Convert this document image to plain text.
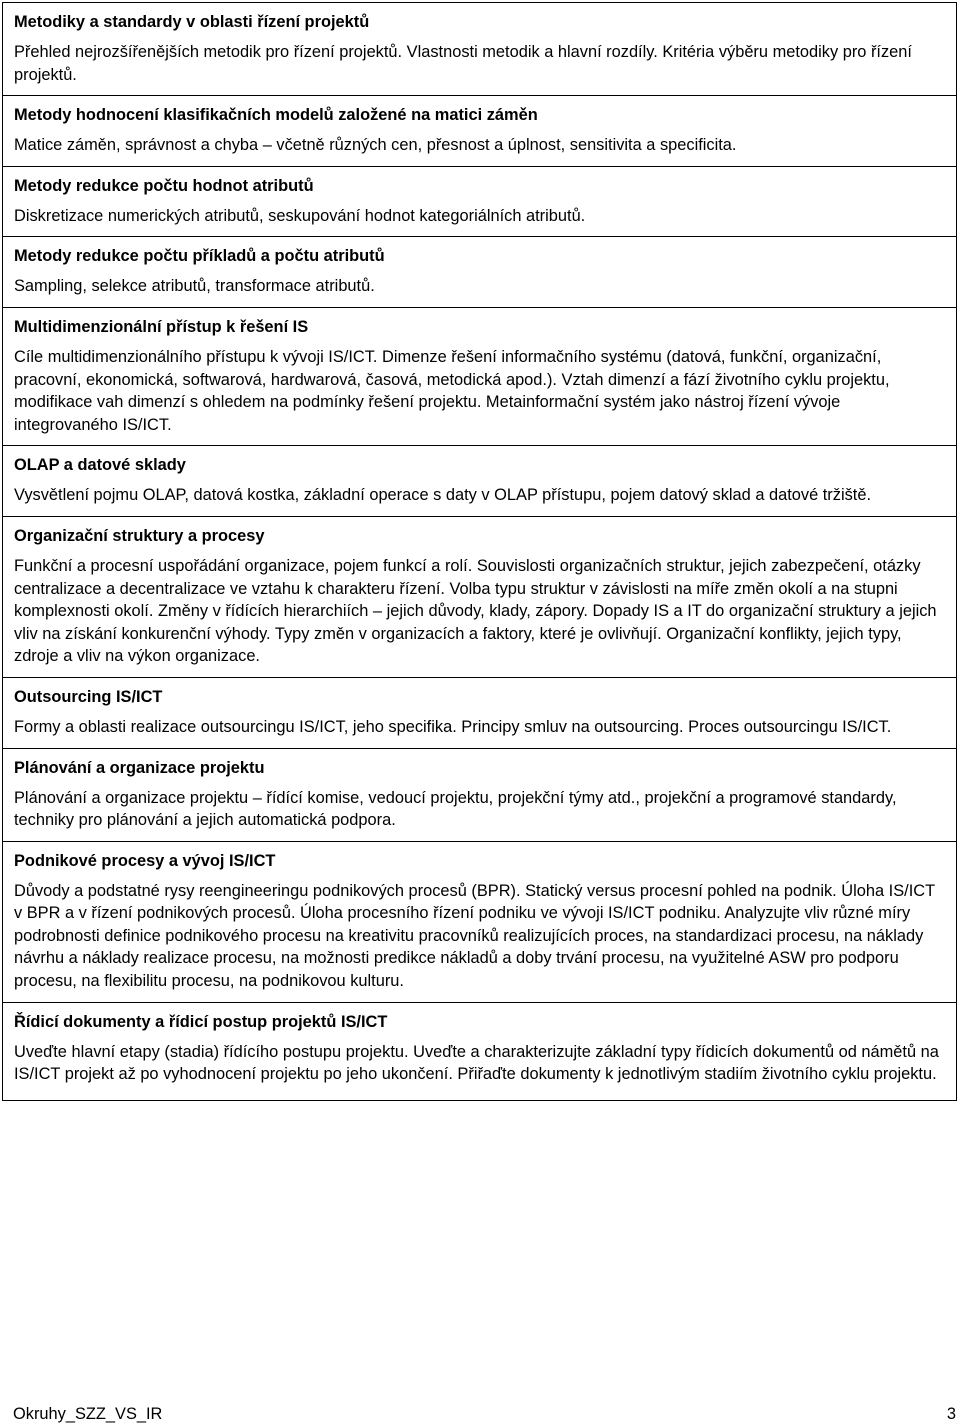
Metodiky a standardy v oblasti řízení projektů
Přehled nejrozšířenějších metodik pro řízení projektů. Vlastnosti metodik a hlavní rozdíly. Kritéria výběru metodiky pro řízení projektů.
Metody hodnocení klasifikačních modelů založené na matici záměn
Matice záměn, správnost a chyba – včetně různých cen, přesnost a úplnost, sensitivita a specificita.
Metody redukce počtu hodnot atributů
Diskretizace numerických atributů, seskupování hodnot kategoriálních atributů.
Metody redukce počtu příkladů a počtu atributů
Sampling, selekce atributů, transformace atributů.
Multidimenzionální přístup k řešení IS
Cíle multidimenzionálního přístupu k vývoji IS/ICT. Dimenze řešení informačního systému (datová, funkční, organizační, pracovní, ekonomická, softwarová, hardwarová, časová, metodická apod.). Vztah dimenzí a fází životního cyklu projektu, modifikace vah dimenzí s ohledem na podmínky řešení projektu. Metainformační systém jako nástroj řízení vývoje integrovaného IS/ICT.
OLAP a datové sklady
Vysvětlení pojmu OLAP, datová kostka, základní operace s daty v OLAP přístupu, pojem datový sklad a datové tržiště.
Organizační struktury a procesy
Funkční a procesní uspořádání organizace, pojem funkcí a rolí. Souvislosti organizačních struktur, jejich zabezpečení, otázky centralizace a decentralizace ve vztahu k charakteru řízení. Volba typu struktur v závislosti na míře změn okolí a na stupni komplexnosti okolí. Změny v řídících hierarchiích – jejich důvody, klady, zápory. Dopady IS a IT do organizační struktury a jejich vliv na získání konkurenční výhody. Typy změn v organizacích a faktory, které je ovlivňují. Organizační konflikty, jejich typy, zdroje a vliv na výkon organizace.
Outsourcing IS/ICT
Formy a oblasti realizace outsourcingu IS/ICT, jeho specifika. Principy smluv na outsourcing. Proces outsourcingu IS/ICT.
Plánování a organizace projektu
Plánování a organizace projektu – řídící komise, vedoucí projektu, projekční týmy atd., projekční a programové standardy, techniky pro plánování a jejich automatická podpora.
Podnikové procesy a vývoj IS/ICT
Důvody a podstatné rysy reengineeringu podnikových procesů (BPR). Statický versus procesní pohled na podnik. Úloha IS/ICT v BPR a v řízení podnikových procesů. Úloha procesního řízení podniku ve vývoji IS/ICT podniku. Analyzujte vliv různé míry podrobnosti definice podnikového procesu na kreativitu pracovníků realizujících proces, na standardizaci procesu, na náklady návrhu a náklady realizace procesu, na možnosti predikce nákladů a doby trvání procesu, na využitelné ASW pro podporu procesu, na flexibilitu procesu, na podnikovou kulturu.
Řídicí dokumenty a řídicí postup projektů IS/ICT
Uveďte hlavní etapy (stadia) řídícího postupu projektu. Uveďte a charakterizujte základní typy řídicích dokumentů od námětů na IS/ICT projekt až po vyhodnocení projektu po jeho ukončení. Přiřaďte dokumenty k jednotlivým stadiím životního cyklu projektu.
Okruhy_SZZ_VS_IR	3
